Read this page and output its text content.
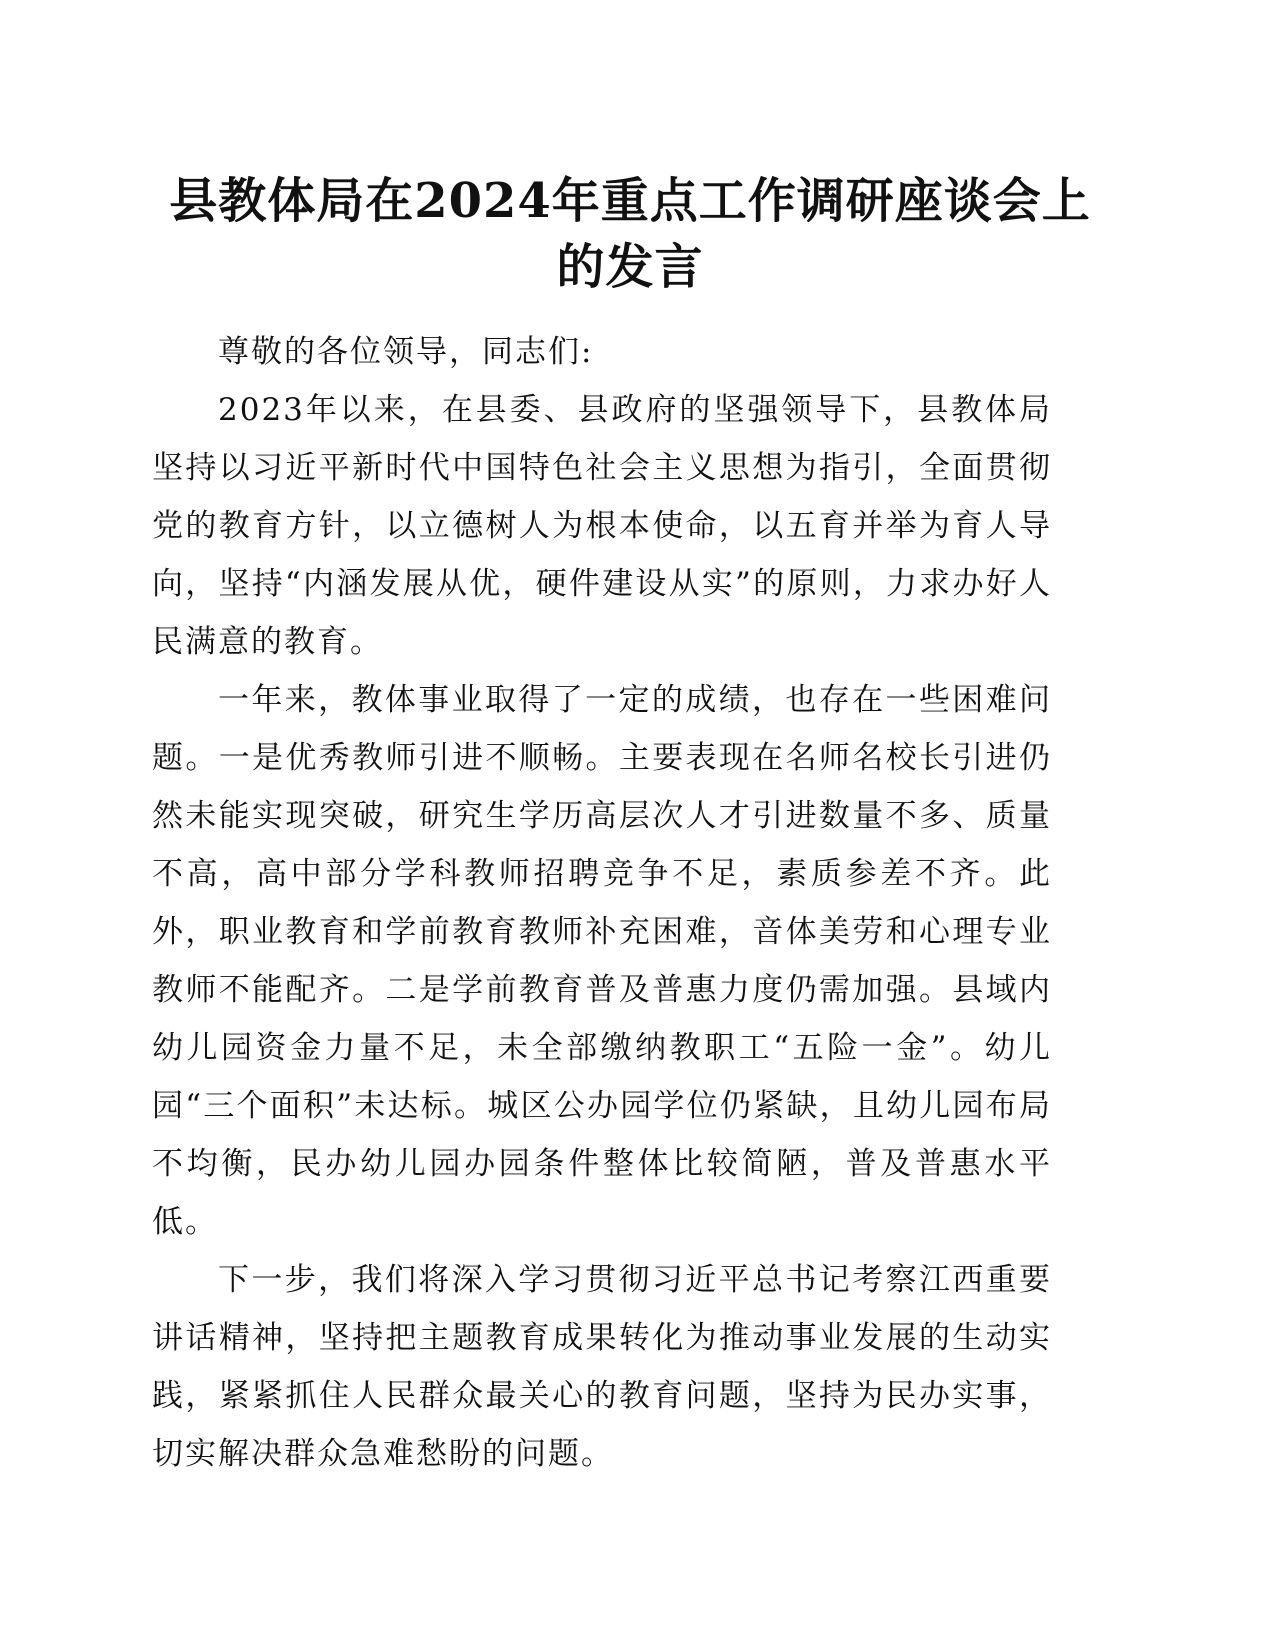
县教体局在2024年重点工作调研座谈会上的发言

尊敬的各位领导，同志们:

2023年以来，在县委、县政府的坚强领导下，县教体局坚持以习近平新时代中国特色社会主义思想为指引，全面贯彻党的教育方针，以立德树人为根本使命，以五育并举为育人导向，坚持“内涵发展从优，硬件建设从实”的原则，力求办好人民满意的教育。

一年来，教体事业取得了一定的成绩，也存在一些困难问题。一是优秀教师引进不顺畅。主要表现在名师名校长引进仍然未能实现突破，研究生学历高层次人才引进数量不多、质量不高，高中部分学科教师招聘竞争不足，素质参差不齐。此外，职业教育和学前教育教师补充困难，音体美劳和心理专业教师不能配齐。二是学前教育普及普惠力度仍需加强。县域内幼儿园资金力量不足，未全部缴纳教职工“五险一金”。幼儿园“三个面积”未达标。城区公办园学位仍紧缺，且幼儿园布局不均衡，民办幼儿园办园条件整体比较简陋，普及普惠水平低。

下一步，我们将深入学习贯彻习近平总书记考察江西重要讲话精神，坚持把主题教育成果转化为推动事业发展的生动实践，紧紧抓住人民群众最关心的教育问题，坚持为民办实事，切实解决群众急难愁盼的问题。
